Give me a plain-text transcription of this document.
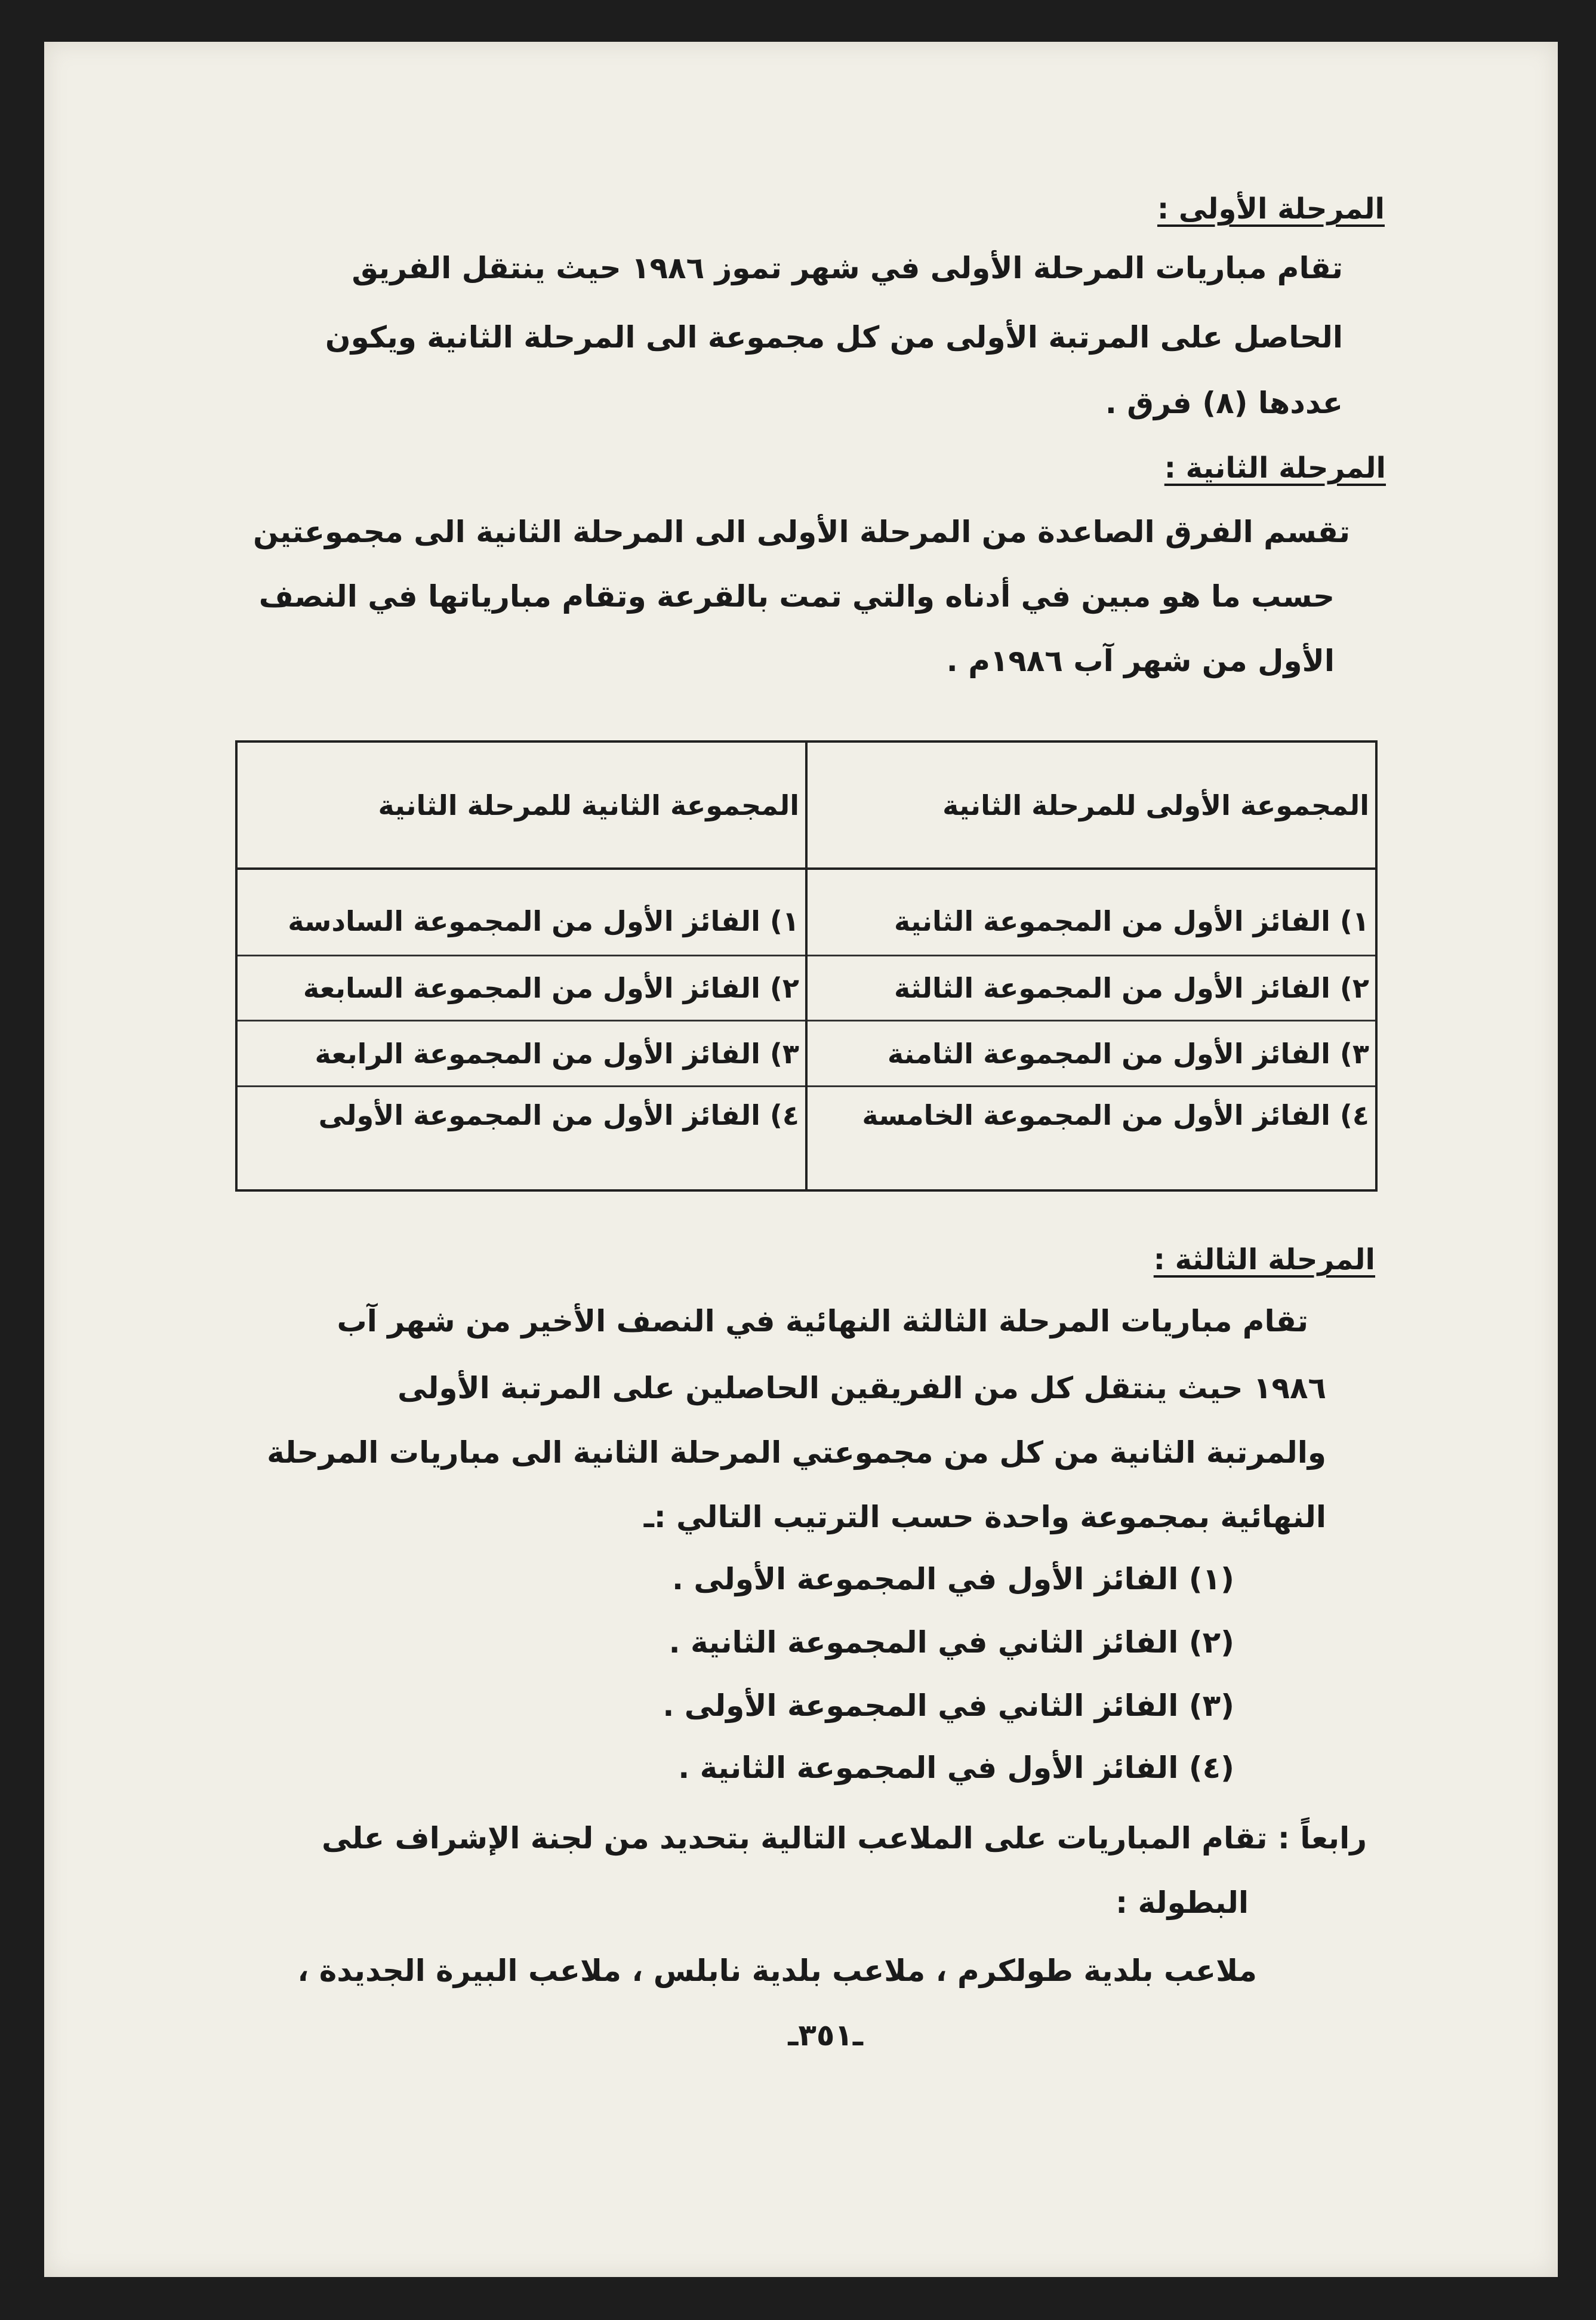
المرحلة الأولى :
تقام مباريات المرحلة الأولى في شهر تموز ١٩٨٦ حيث ينتقل الفريق
الحاصل على المرتبة الأولى من كل مجموعة الى المرحلة الثانية ويكون
عددها (٨) فرق .
المرحلة الثانية :
تقسم الفرق الصاعدة من المرحلة الأولى الى المرحلة الثانية الى مجموعتين
حسب ما هو مبين في أدناه والتي تمت بالقرعة وتقام مبارياتها في النصف
الأول من شهر آب ١٩٨٦م .
المجموعة الأولى للمرحلة الثانية	المجموعة الثانية للمرحلة الثانية
١) الفائز الأول من المجموعة الثانية	١) الفائز الأول من المجموعة السادسة
٢) الفائز الأول من المجموعة الثالثة	٢) الفائز الأول من المجموعة السابعة
٣) الفائز الأول من المجموعة الثامنة	٣) الفائز الأول من المجموعة الرابعة
٤) الفائز الأول من المجموعة الخامسة	٤) الفائز الأول من المجموعة الأولى
المرحلة الثالثة :
تقام مباريات المرحلة الثالثة النهائية في النصف الأخير من شهر آب
١٩٨٦ حيث ينتقل كل من الفريقين الحاصلين على المرتبة الأولى
والمرتبة الثانية من كل من مجموعتي المرحلة الثانية الى مباريات المرحلة
النهائية بمجموعة واحدة حسب الترتيب التالي :ـ
(١) الفائز الأول في المجموعة الأولى .
(٢) الفائز الثاني في المجموعة الثانية .
(٣) الفائز الثاني في المجموعة الأولى .
(٤) الفائز الأول في المجموعة الثانية .
رابعاً : تقام المباريات على الملاعب التالية بتحديد من لجنة الإشراف على
البطولة :
ملاعب بلدية طولكرم ، ملاعب بلدية نابلس ، ملاعب البيرة الجديدة ،
ـ٣٥١ـ
